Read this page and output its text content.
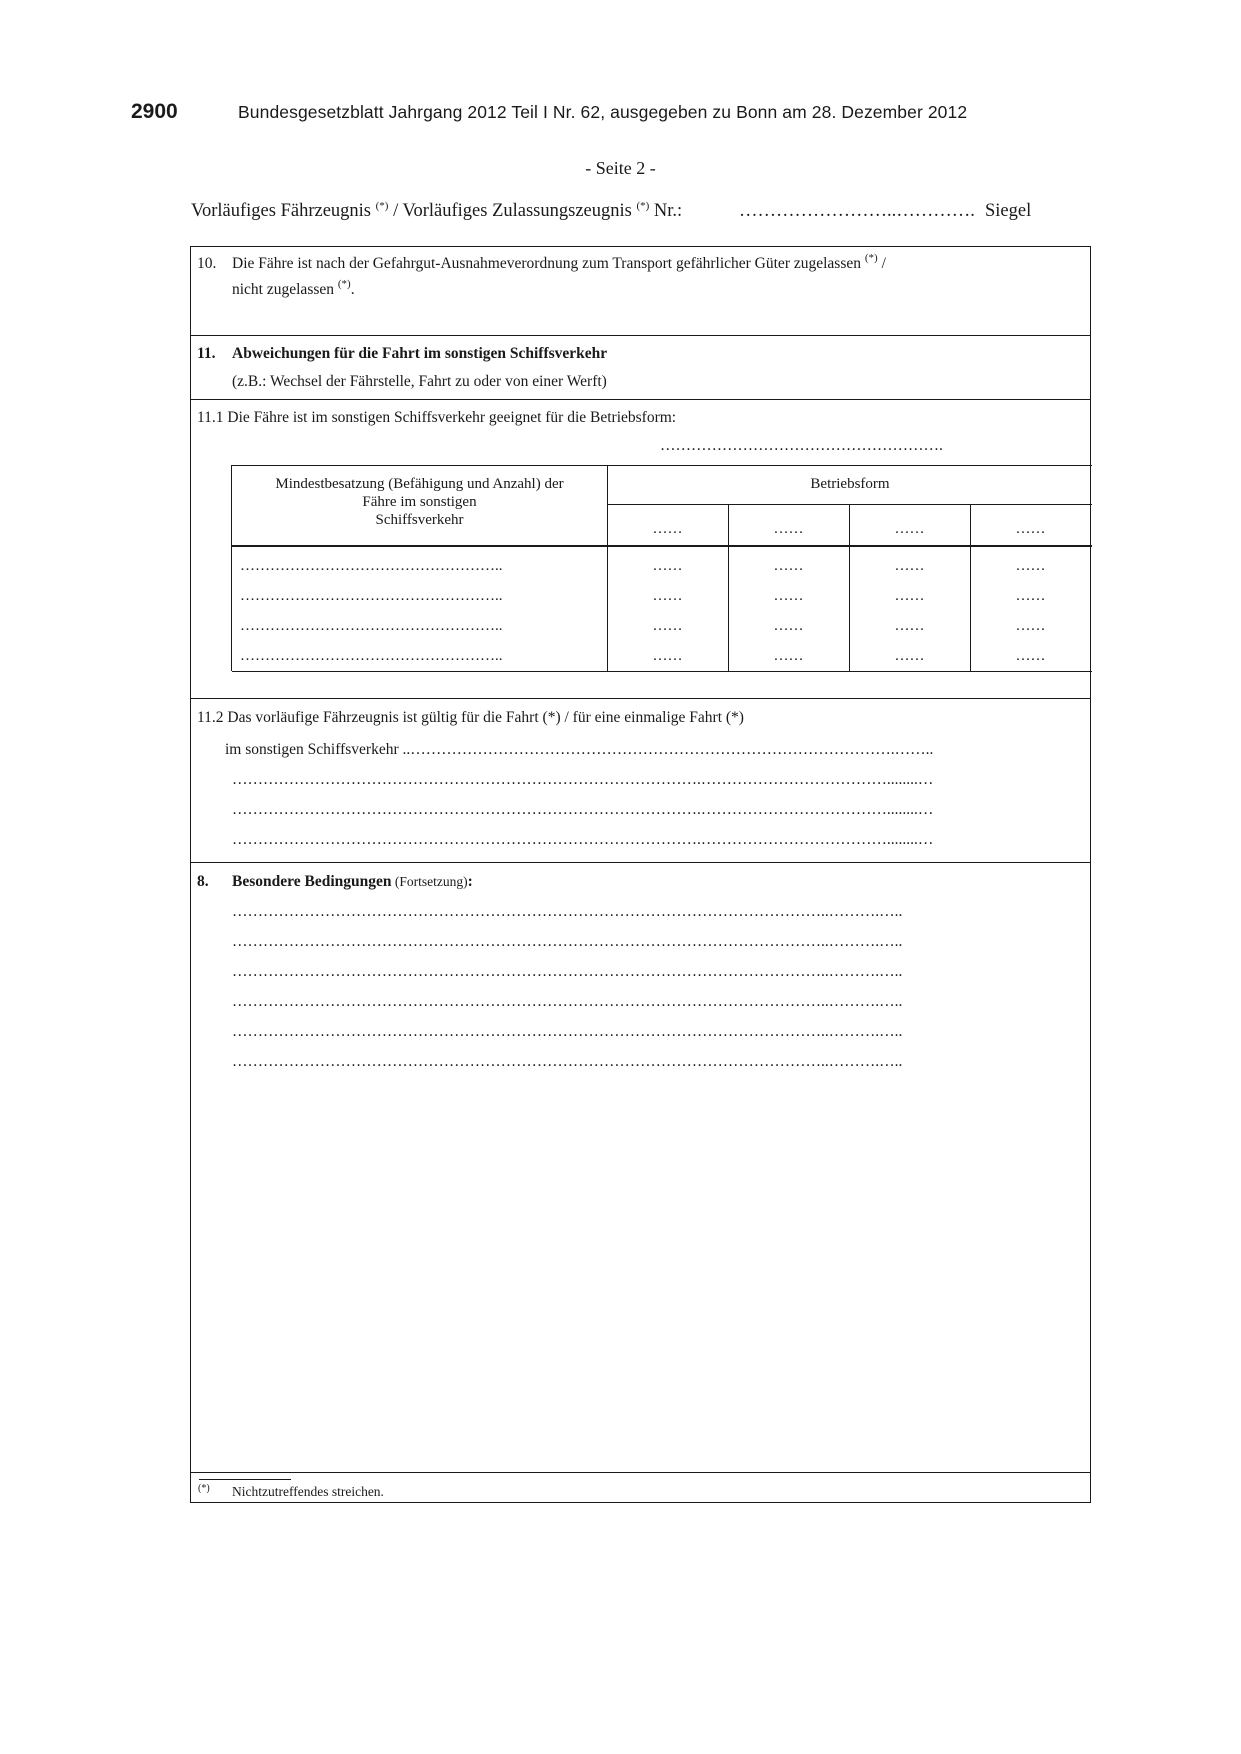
2900	Bundesgesetzblatt Jahrgang 2012 Teil I Nr. 62, ausgegeben zu Bonn am 28. Dezember 2012
- Seite 2 -
Vorläufiges Fährzeugnis (*) / Vorläufiges Zulassungszeugnis (*) Nr.:	……………………..…………. Siegel
10. Die Fähre ist nach der Gefahrgut-Ausnahmeverordnung zum Transport gefährlicher Güter zugelassen (*) /
nicht zugelassen (*).
11. Abweichungen für die Fahrt im sonstigen Schiffsverkehr
(z.B.: Wechsel der Fährstelle, Fahrt zu oder von einer Werft)
11.1 Die Fähre ist im sonstigen Schiffsverkehr geeignet für die Betriebsform:
……………………………………………….
Mindestbesatzung (Befähigung und Anzahl) der
Fähre im sonstigen
Schiffsverkehr
Betriebsform
……	……	……	……
……………………………………………..	……	……	……	……
……………………………………………..	……	……	……	……
……………………………………………..	……	……	……	……
……………………………………………..	……	……	……	……
11.2 Das vorläufige Fährzeugnis ist gültig für die Fahrt (*) / für eine einmalige Fahrt (*)
im sonstigen Schiffsverkehr ..………………………………………………………………………………….……..
……………………………………………………………………………….………………………………........…
……………………………………………………………………………….………………………………........…
……………………………………………………………………………….………………………………........…
8. Besondere Bedingungen (Fortsetzung):
……………………………………………………………………………………………………..……….…..
……………………………………………………………………………………………………..……….…..
……………………………………………………………………………………………………..……….…..
……………………………………………………………………………………………………..……….…..
……………………………………………………………………………………………………..……….…..
……………………………………………………………………………………………………..……….…..
(*) Nichtzutreffendes streichen.
